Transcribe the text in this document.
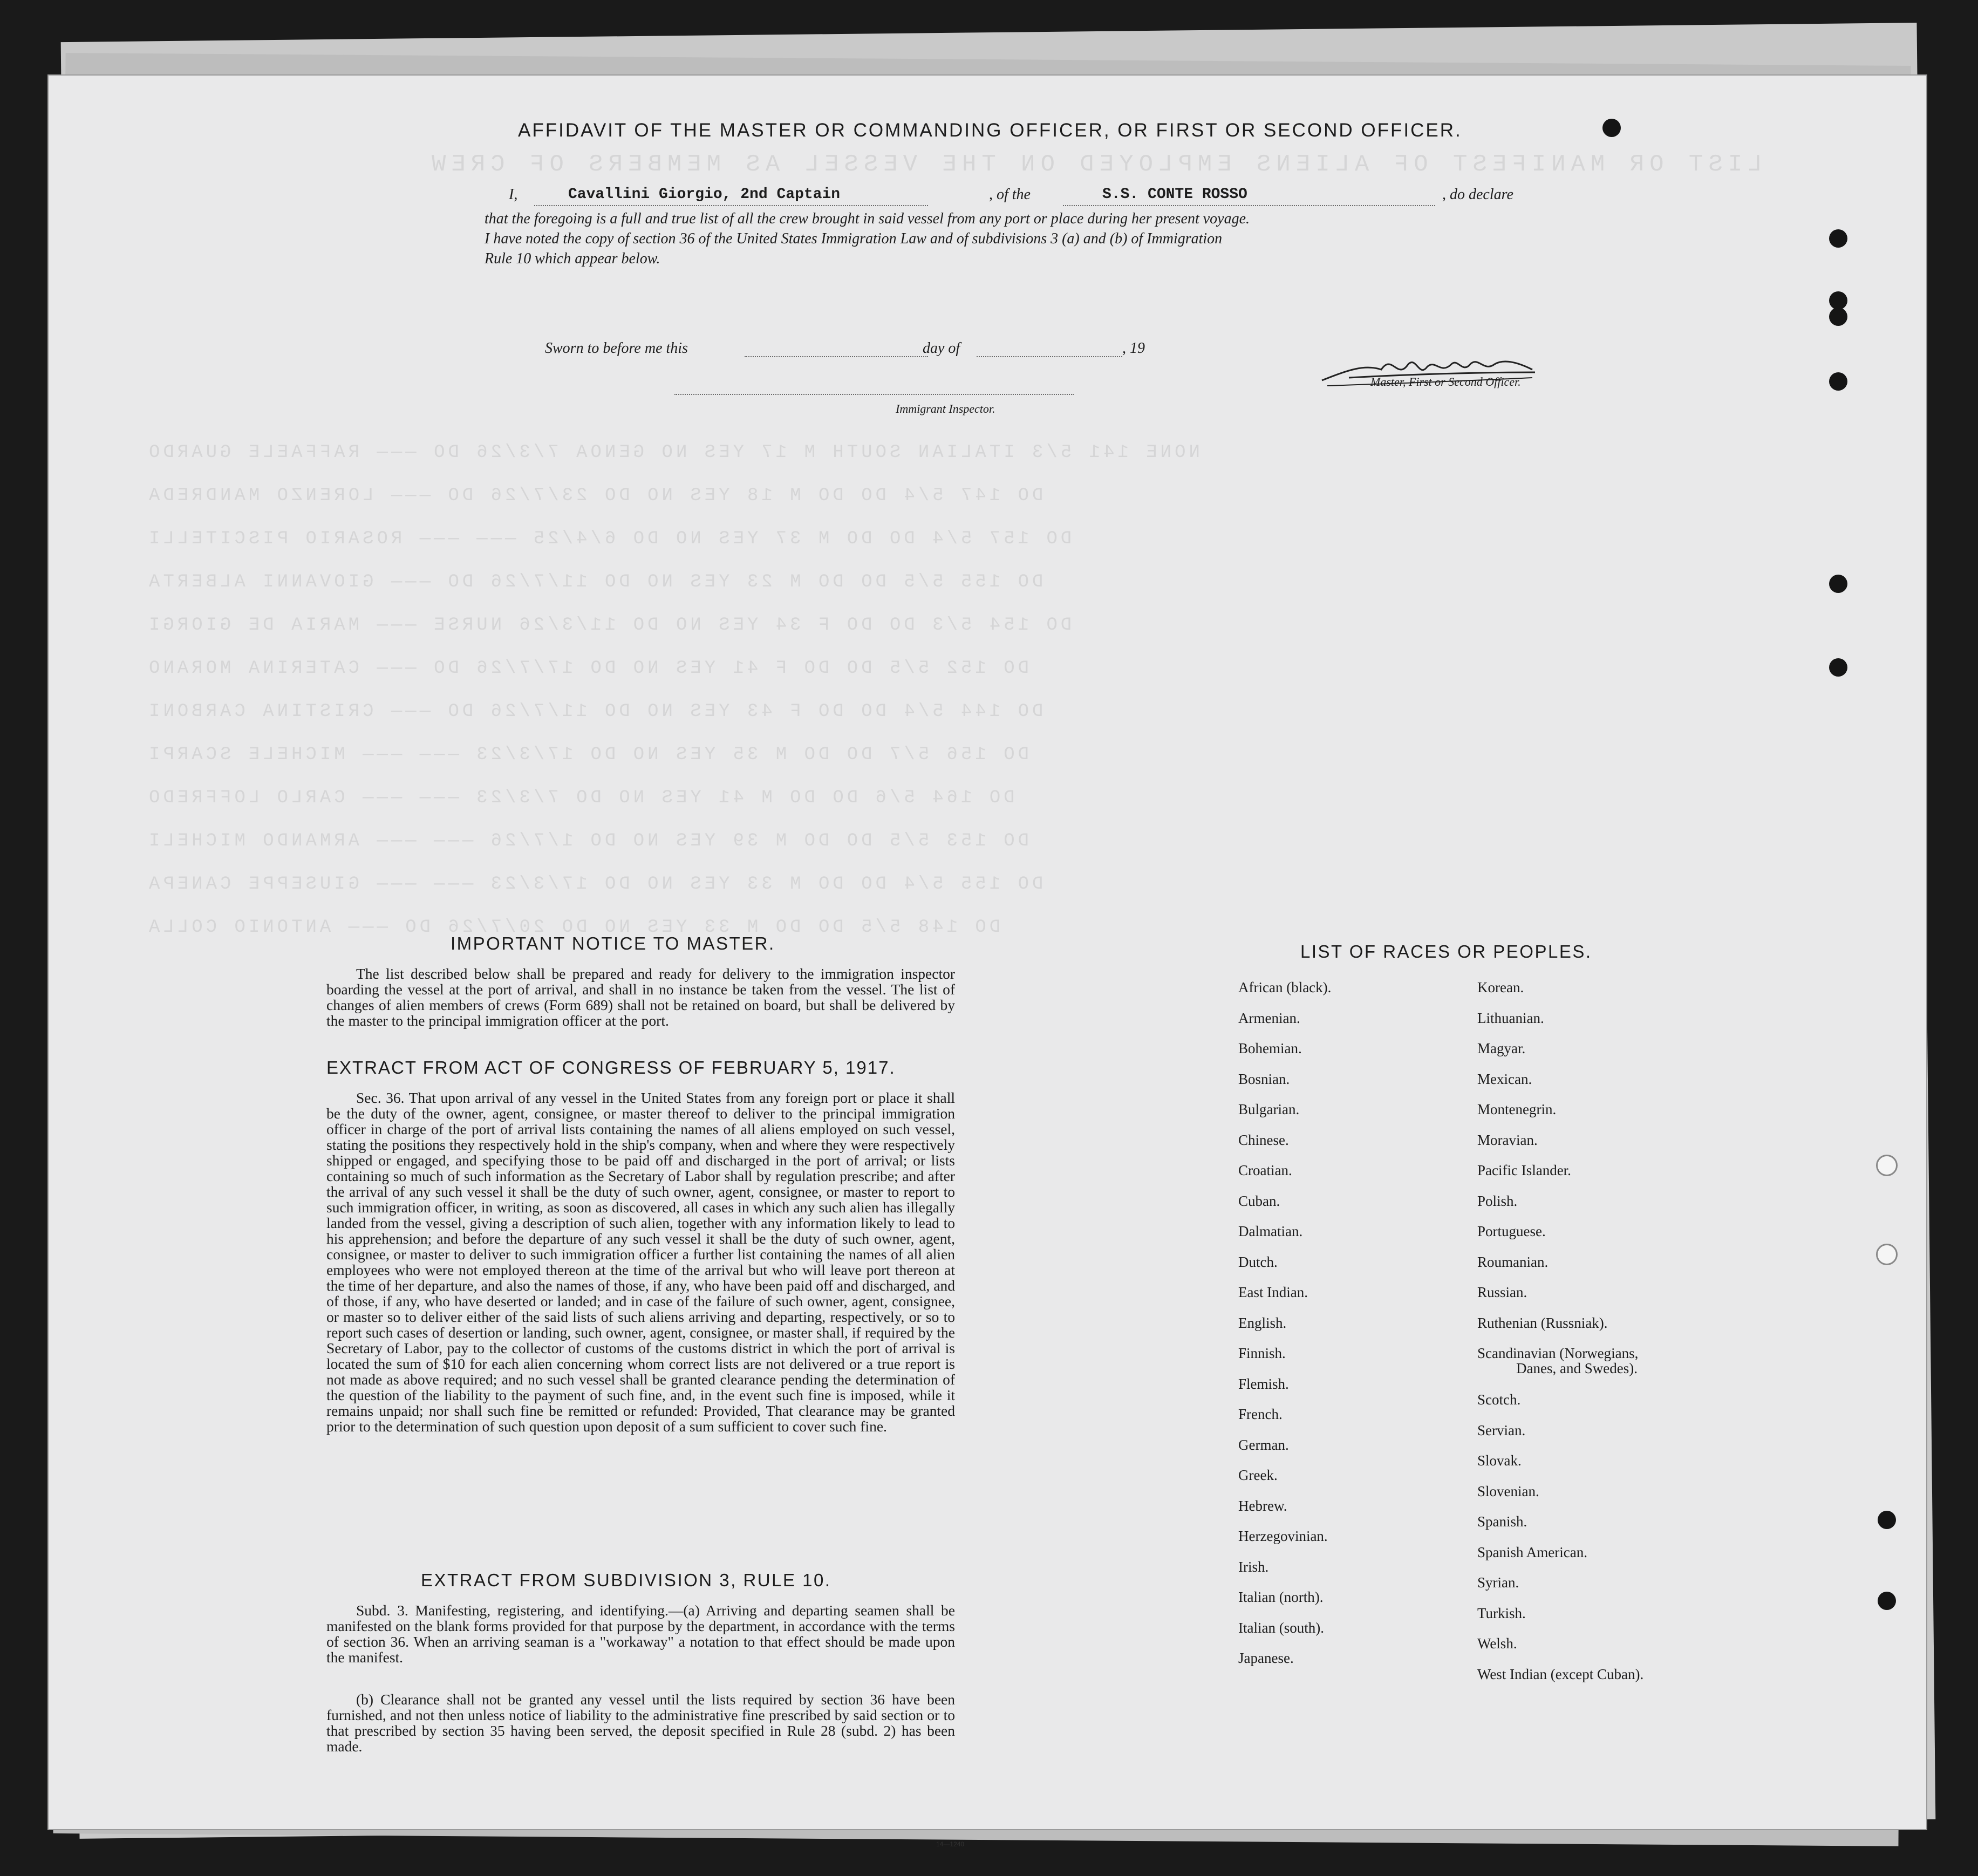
LIST OR MANIFEST OF ALIENS EMPLOYED ON THE VESSEL AS MEMBERS OF CREW
NONE 141 5/3 ITALIAN SOUTH M 17 YES NO GENOA 7/3/26 DO ——— RAFFAELE GUARDO
DO 147 5/4 DO DO M 18 YES NO DO 23/7/26 DO ——— LORENZO MANDREDA
DO 157 5/4 DO DO M 37 YES NO DO 6/4/25 ——— ——— ROSARIO PISCITELLI
DO 155 5/5 DO DO M 23 YES NO DO 11/7/26 DO ——— GIOVANNI ALBERTA
DO 154 5/3 DO DO F 34 YES NO DO 11/3/26 NURSE ——— MARIA DE GIORGI
DO 152 5/5 DO DO F 41 YES NO DO 17/7/26 DO ——— CATERINA MORANO
DO 144 5/4 DO DO F 43 YES NO DO 11/7/26 DO ——— CRISTINA CARBONI
DO 156 5/7 DO DO M 35 YES NO DO 17/3/23 ——— ——— MICHELE SCARPI
DO 164 5/6 DO DO M 41 YES NO DO 7/3/23 ——— ——— CARLO LOFFREDO
DO 153 5/5 DO DO M 39 YES NO DO 1/7/26 ——— ——— ARMANDO MICHELI
DO 155 5/4 DO DO M 33 YES NO DO 17/3/23 ——— ——— GIUSEPPE CANEPA
DO 148 5/5 DO DO M 33 YES NO DO 20/7/26 DO ——— ANTONIO COLLA
AFFIDAVIT OF THE MASTER OR COMMANDING OFFICER, OR FIRST OR SECOND OFFICER.
I,	Cavallini Giorgio, 2nd Captain	, of the	S.S. CONTE ROSSO	, do declare
that the foregoing is a full and true list of all the crew brought in said vessel from any port or place during her present voyage.
I have noted the copy of section 36 of the United States Immigration Law and of subdivisions 3 (a) and (b) of Immigration
Rule 10 which appear below.
Master, First or Second Officer.
Sworn to before me this	day of	, 19
Immigrant Inspector.
IMPORTANT NOTICE TO MASTER.
The list described below shall be prepared and ready for delivery to the immigration inspector boarding the vessel at the port of arrival, and shall in no instance be taken from the vessel. The list of changes of alien members of crews (Form 689) shall not be retained on board, but shall be delivered by the master to the principal immigration officer at the port.
EXTRACT FROM ACT OF CONGRESS OF FEBRUARY 5, 1917.
Sec. 36. That upon arrival of any vessel in the United States from any foreign port or place it shall be the duty of the owner, agent, consignee, or master thereof to deliver to the principal immigration officer in charge of the port of arrival lists containing the names of all aliens employed on such vessel, stating the positions they respectively hold in the ship's company, when and where they were respectively shipped or engaged, and specifying those to be paid off and discharged in the port of arrival; or lists containing so much of such information as the Secretary of Labor shall by regulation prescribe; and after the arrival of any such vessel it shall be the duty of such owner, agent, consignee, or master to report to such immigration officer, in writing, as soon as discovered, all cases in which any such alien has illegally landed from the vessel, giving a description of such alien, together with any information likely to lead to his apprehension; and before the departure of any such vessel it shall be the duty of such owner, agent, consignee, or master to deliver to such immigration officer a further list containing the names of all alien employees who were not employed thereon at the time of the arrival but who will leave port thereon at the time of her departure, and also the names of those, if any, who have been paid off and discharged, and of those, if any, who have deserted or landed; and in case of the failure of such owner, agent, consignee, or master so to deliver either of the said lists of such aliens arriving and departing, respectively, or so to report such cases of desertion or landing, such owner, agent, consignee, or master shall, if required by the Secretary of Labor, pay to the collector of customs of the customs district in which the port of arrival is located the sum of $10 for each alien concerning whom correct lists are not delivered or a true report is not made as above required; and no such vessel shall be granted clearance pending the determination of the question of the liability to the payment of such fine, and, in the event such fine is imposed, while it remains unpaid; nor shall such fine be remitted or refunded: Provided, That clearance may be granted prior to the determination of such question upon deposit of a sum sufficient to cover such fine.
EXTRACT FROM SUBDIVISION 3, RULE 10.
Subd. 3. Manifesting, registering, and identifying.—(a) Arriving and departing seamen shall be manifested on the blank forms provided for that purpose by the department, in accordance with the terms of section 36. When an arriving seaman is a "workaway" a notation to that effect should be made upon the manifest.
(b) Clearance shall not be granted any vessel until the lists required by section 36 have been furnished, and not then unless notice of liability to the administrative fine prescribed by said section or to that prescribed by section 35 having been served, the deposit specified in Rule 28 (subd. 2) has been made.
14—1240
LIST OF RACES OR PEOPLES.
African (black).
Armenian.
Bohemian.
Bosnian.
Bulgarian.
Chinese.
Croatian.
Cuban.
Dalmatian.
Dutch.
East Indian.
English.
Finnish.
Flemish.
French.
German.
Greek.
Hebrew.
Herzegovinian.
Irish.
Italian (north).
Italian (south).
Japanese.
Korean.
Lithuanian.
Magyar.
Mexican.
Montenegrin.
Moravian.
Pacific Islander.
Polish.
Portuguese.
Roumanian.
Russian.
Ruthenian (Russniak).
Scandinavian (Norwegians,
Danes, and Swedes).
Scotch.
Servian.
Slovak.
Slovenian.
Spanish.
Spanish American.
Syrian.
Turkish.
Welsh.
West Indian (except Cuban).
